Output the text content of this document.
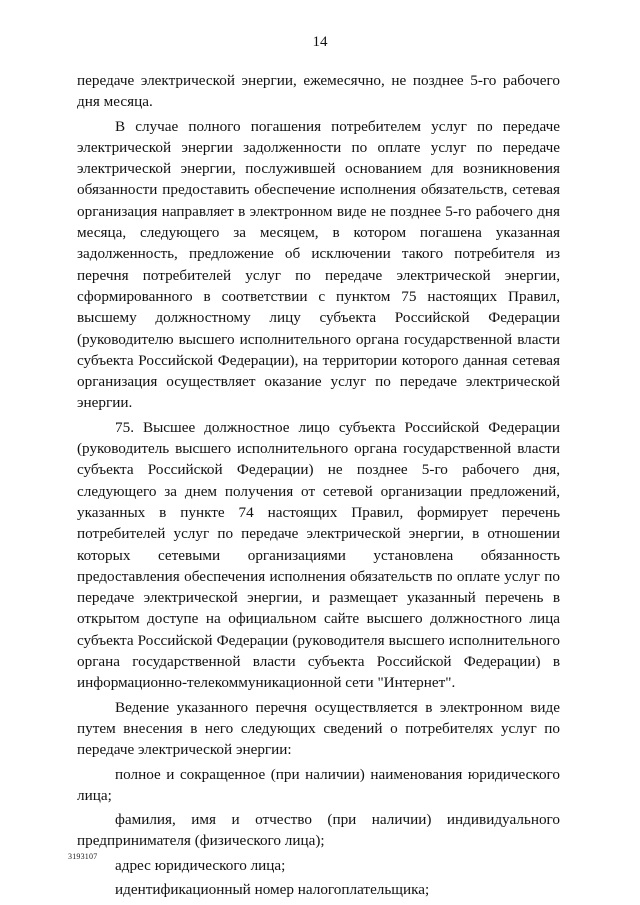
14

передаче электрической энергии, ежемесячно, не позднее 5-го рабочего дня месяца.

В случае полного погашения потребителем услуг по передаче электрической энергии задолженности по оплате услуг по передаче электрической энергии, послужившей основанием для возникновения обязанности предоставить обеспечение исполнения обязательств, сетевая организация направляет в электронном виде не позднее 5-го рабочего дня месяца, следующего за месяцем, в котором погашена указанная задолженность, предложение об исключении такого потребителя из перечня потребителей услуг по передаче электрической энергии, сформированного в соответствии с пунктом 75 настоящих Правил, высшему должностному лицу субъекта Российской Федерации (руководителю высшего исполнительного органа государственной власти субъекта Российской Федерации), на территории которого данная сетевая организация осуществляет оказание услуг по передаче электрической энергии.

75. Высшее должностное лицо субъекта Российской Федерации (руководитель высшего исполнительного органа государственной власти субъекта Российской Федерации) не позднее 5-го рабочего дня, следующего за днем получения от сетевой организации предложений, указанных в пункте 74 настоящих Правил, формирует перечень потребителей услуг по передаче электрической энергии, в отношении которых сетевыми организациями установлена обязанность предоставления обеспечения исполнения обязательств по оплате услуг по передаче электрической энергии, и размещает указанный перечень в открытом доступе на официальном сайте высшего должностного лица субъекта Российской Федерации (руководителя высшего исполнительного органа государственной власти субъекта Российской Федерации) в информационно-телекоммуникационной сети "Интернет".

Ведение указанного перечня осуществляется в электронном виде путем внесения в него следующих сведений о потребителях услуг по передаче электрической энергии:

полное и сокращенное (при наличии) наименования юридического лица;

фамилия, имя и отчество (при наличии) индивидуального предпринимателя (физического лица);

адрес юридического лица;

идентификационный номер налогоплательщика;

3193107
